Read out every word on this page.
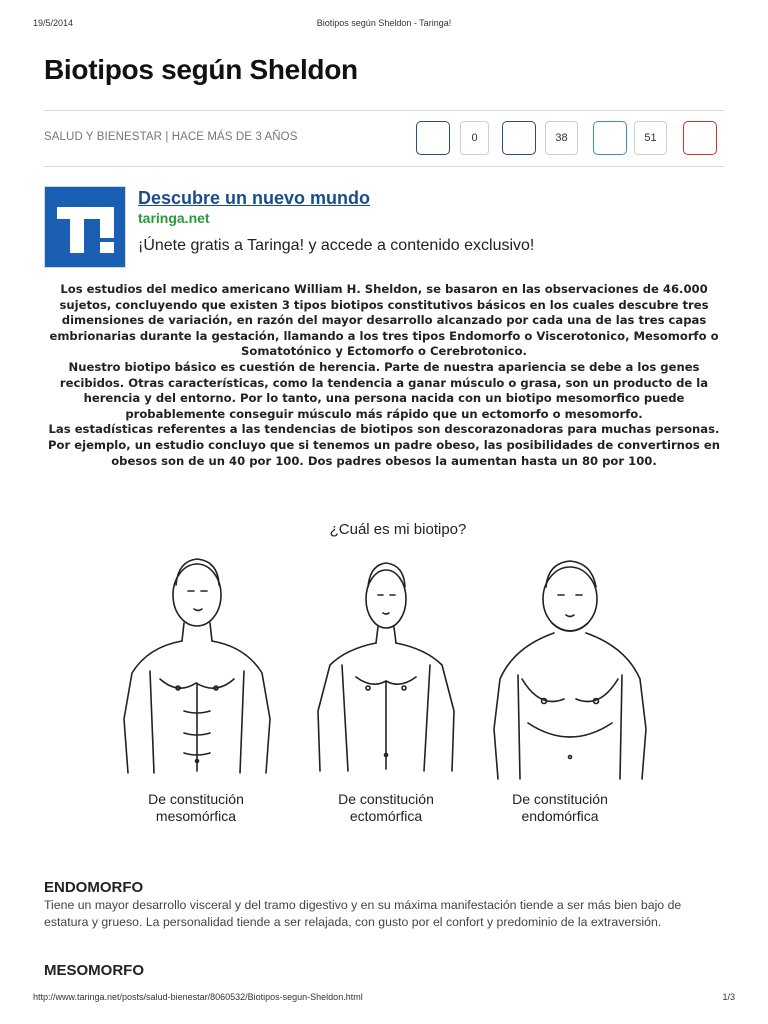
19/5/2014	Biotipos según Sheldon - Taringa!
Biotipos según Sheldon
SALUD Y BIENESTAR | HACE MÁS DE 3 AÑOS	0	38	51
Descubre un nuevo mundo
taringa.net
¡Únete gratis a Taringa! y accede a contenido exclusivo!

Los estudios del medico americano William H. Sheldon, se basaron en las observaciones de 46.000 sujetos, concluyendo que existen 3 tipos biotipos constitutivos básicos en los cuales descubre tres dimensiones de variación, en razón del mayor desarrollo alcanzado por cada una de las tres capas embrionarias durante la gestación, llamando a los tres tipos Endomorfo o Viscerotonico, Mesomorfo o Somatotónico y Ectomorfo o Cerebrotonico.

Nuestro biotipo básico es cuestión de herencia. Parte de nuestra apariencia se debe a los genes recibidos. Otras características, como la tendencia a ganar músculo o grasa, son un producto de la herencia y del entorno. Por lo tanto, una persona nacida con un biotipo mesomorfico puede probablemente conseguir músculo más rápido que un ectomorfo o mesomorfo.

Las estadísticas referentes a las tendencias de biotipos son descorazonadoras para muchas personas. Por ejemplo, un estudio concluyo que si tenemos un padre obeso, las posibilidades de convertirnos en obesos son de un 40 por 100. Dos padres obesos la aumentan hasta un 80 por 100.

¿Cuál es mi biotipo?
De constitución
mesomórfica
De constitución
ectomórfica
De constitución
endomórfica
ENDOMORFO

Tiene un mayor desarrollo visceral y del tramo digestivo y en su máxima manifestación tiende a ser más bien bajo de estatura y grueso. La personalidad tiende a ser relajada, con gusto por el confort y predominio de la extraversión.

MESOMORFO
http://www.taringa.net/posts/salud-bienestar/8060532/Biotipos-segun-Sheldon.html	1/3
